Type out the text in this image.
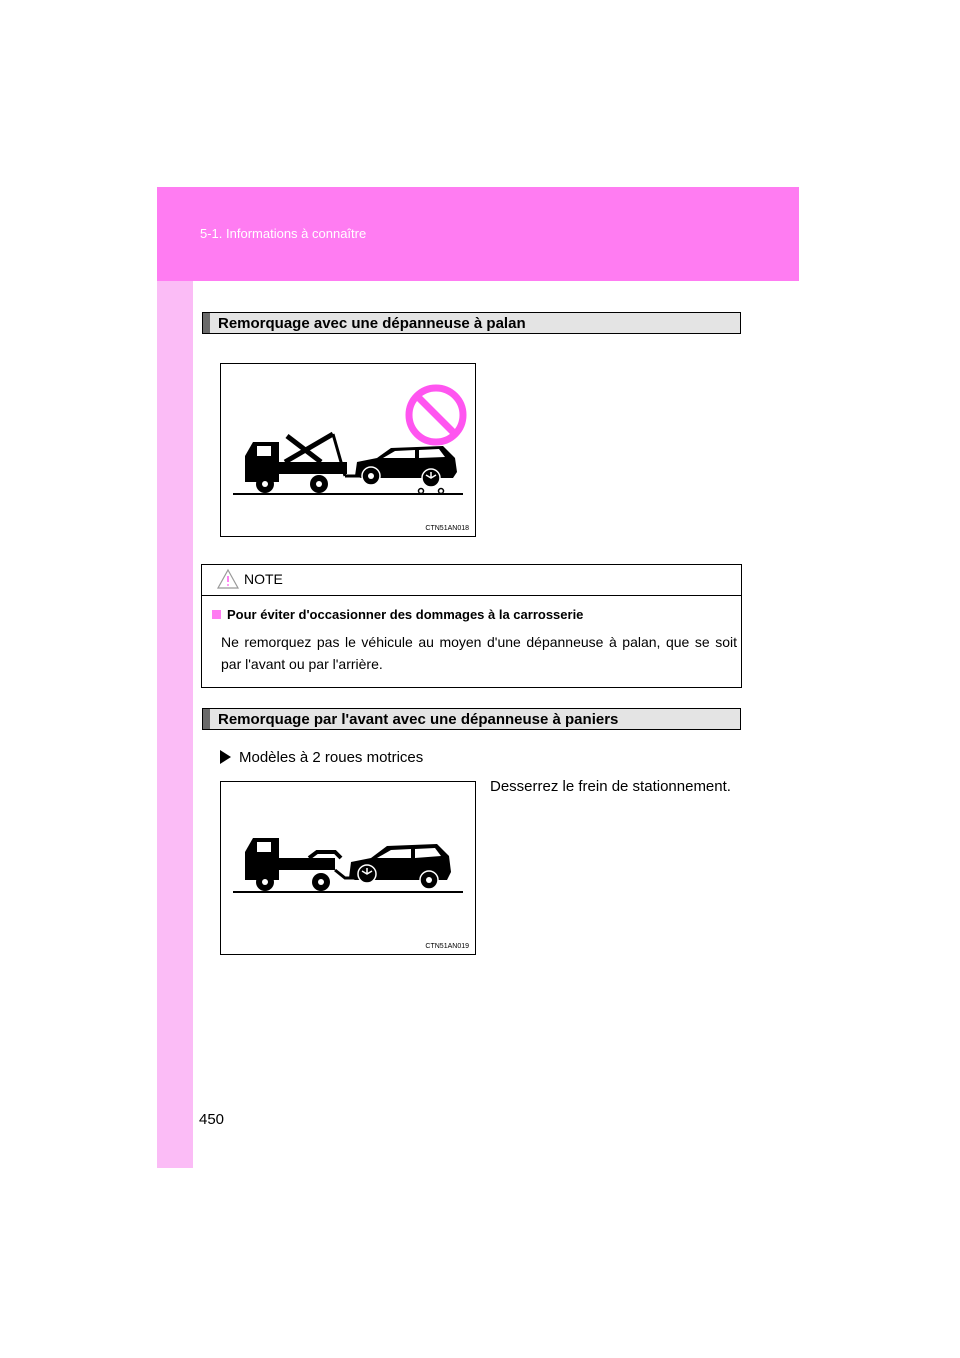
5-1. Informations à connaître
Remorquage avec une dépanneuse à palan
CTN51AN018
NOTE
Pour éviter d'occasionner des dommages à la carrosserie
Ne remorquez pas le véhicule au moyen d'une dépanneuse à palan, que se soit par l'avant ou par l'arrière.
Remorquage par l'avant avec une dépanneuse à paniers
Modèles à 2 roues motrices
CTN51AN019
Desserrez le frein de stationnement.
450
